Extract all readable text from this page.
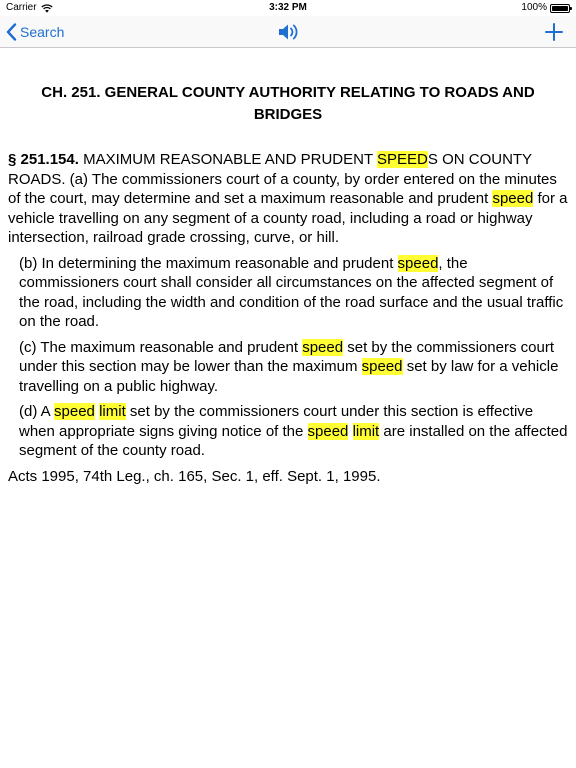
Carrier	3:32 PM	100%
Search
CH. 251. GENERAL COUNTY AUTHORITY RELATING TO ROADS AND BRIDGES

§ 251.154. MAXIMUM REASONABLE AND PRUDENT SPEEDS ON COUNTY ROADS. (a) The commissioners court of a county, by order entered on the minutes of the court, may determine and set a maximum reasonable and prudent speed for a vehicle travelling on any segment of a county road, including a road or highway intersection, railroad grade crossing, curve, or hill.

(b) In determining the maximum reasonable and prudent speed, the commissioners court shall consider all circumstances on the affected segment of the road, including the width and condition of the road surface and the usual traffic on the road.

(c) The maximum reasonable and prudent speed set by the commissioners court under this section may be lower than the maximum speed set by law for a vehicle travelling on a public highway.

(d) A speed limit set by the commissioners court under this section is effective when appropriate signs giving notice of the speed limit are installed on the affected segment of the county road.

Acts 1995, 74th Leg., ch. 165, Sec. 1, eff. Sept. 1, 1995.
